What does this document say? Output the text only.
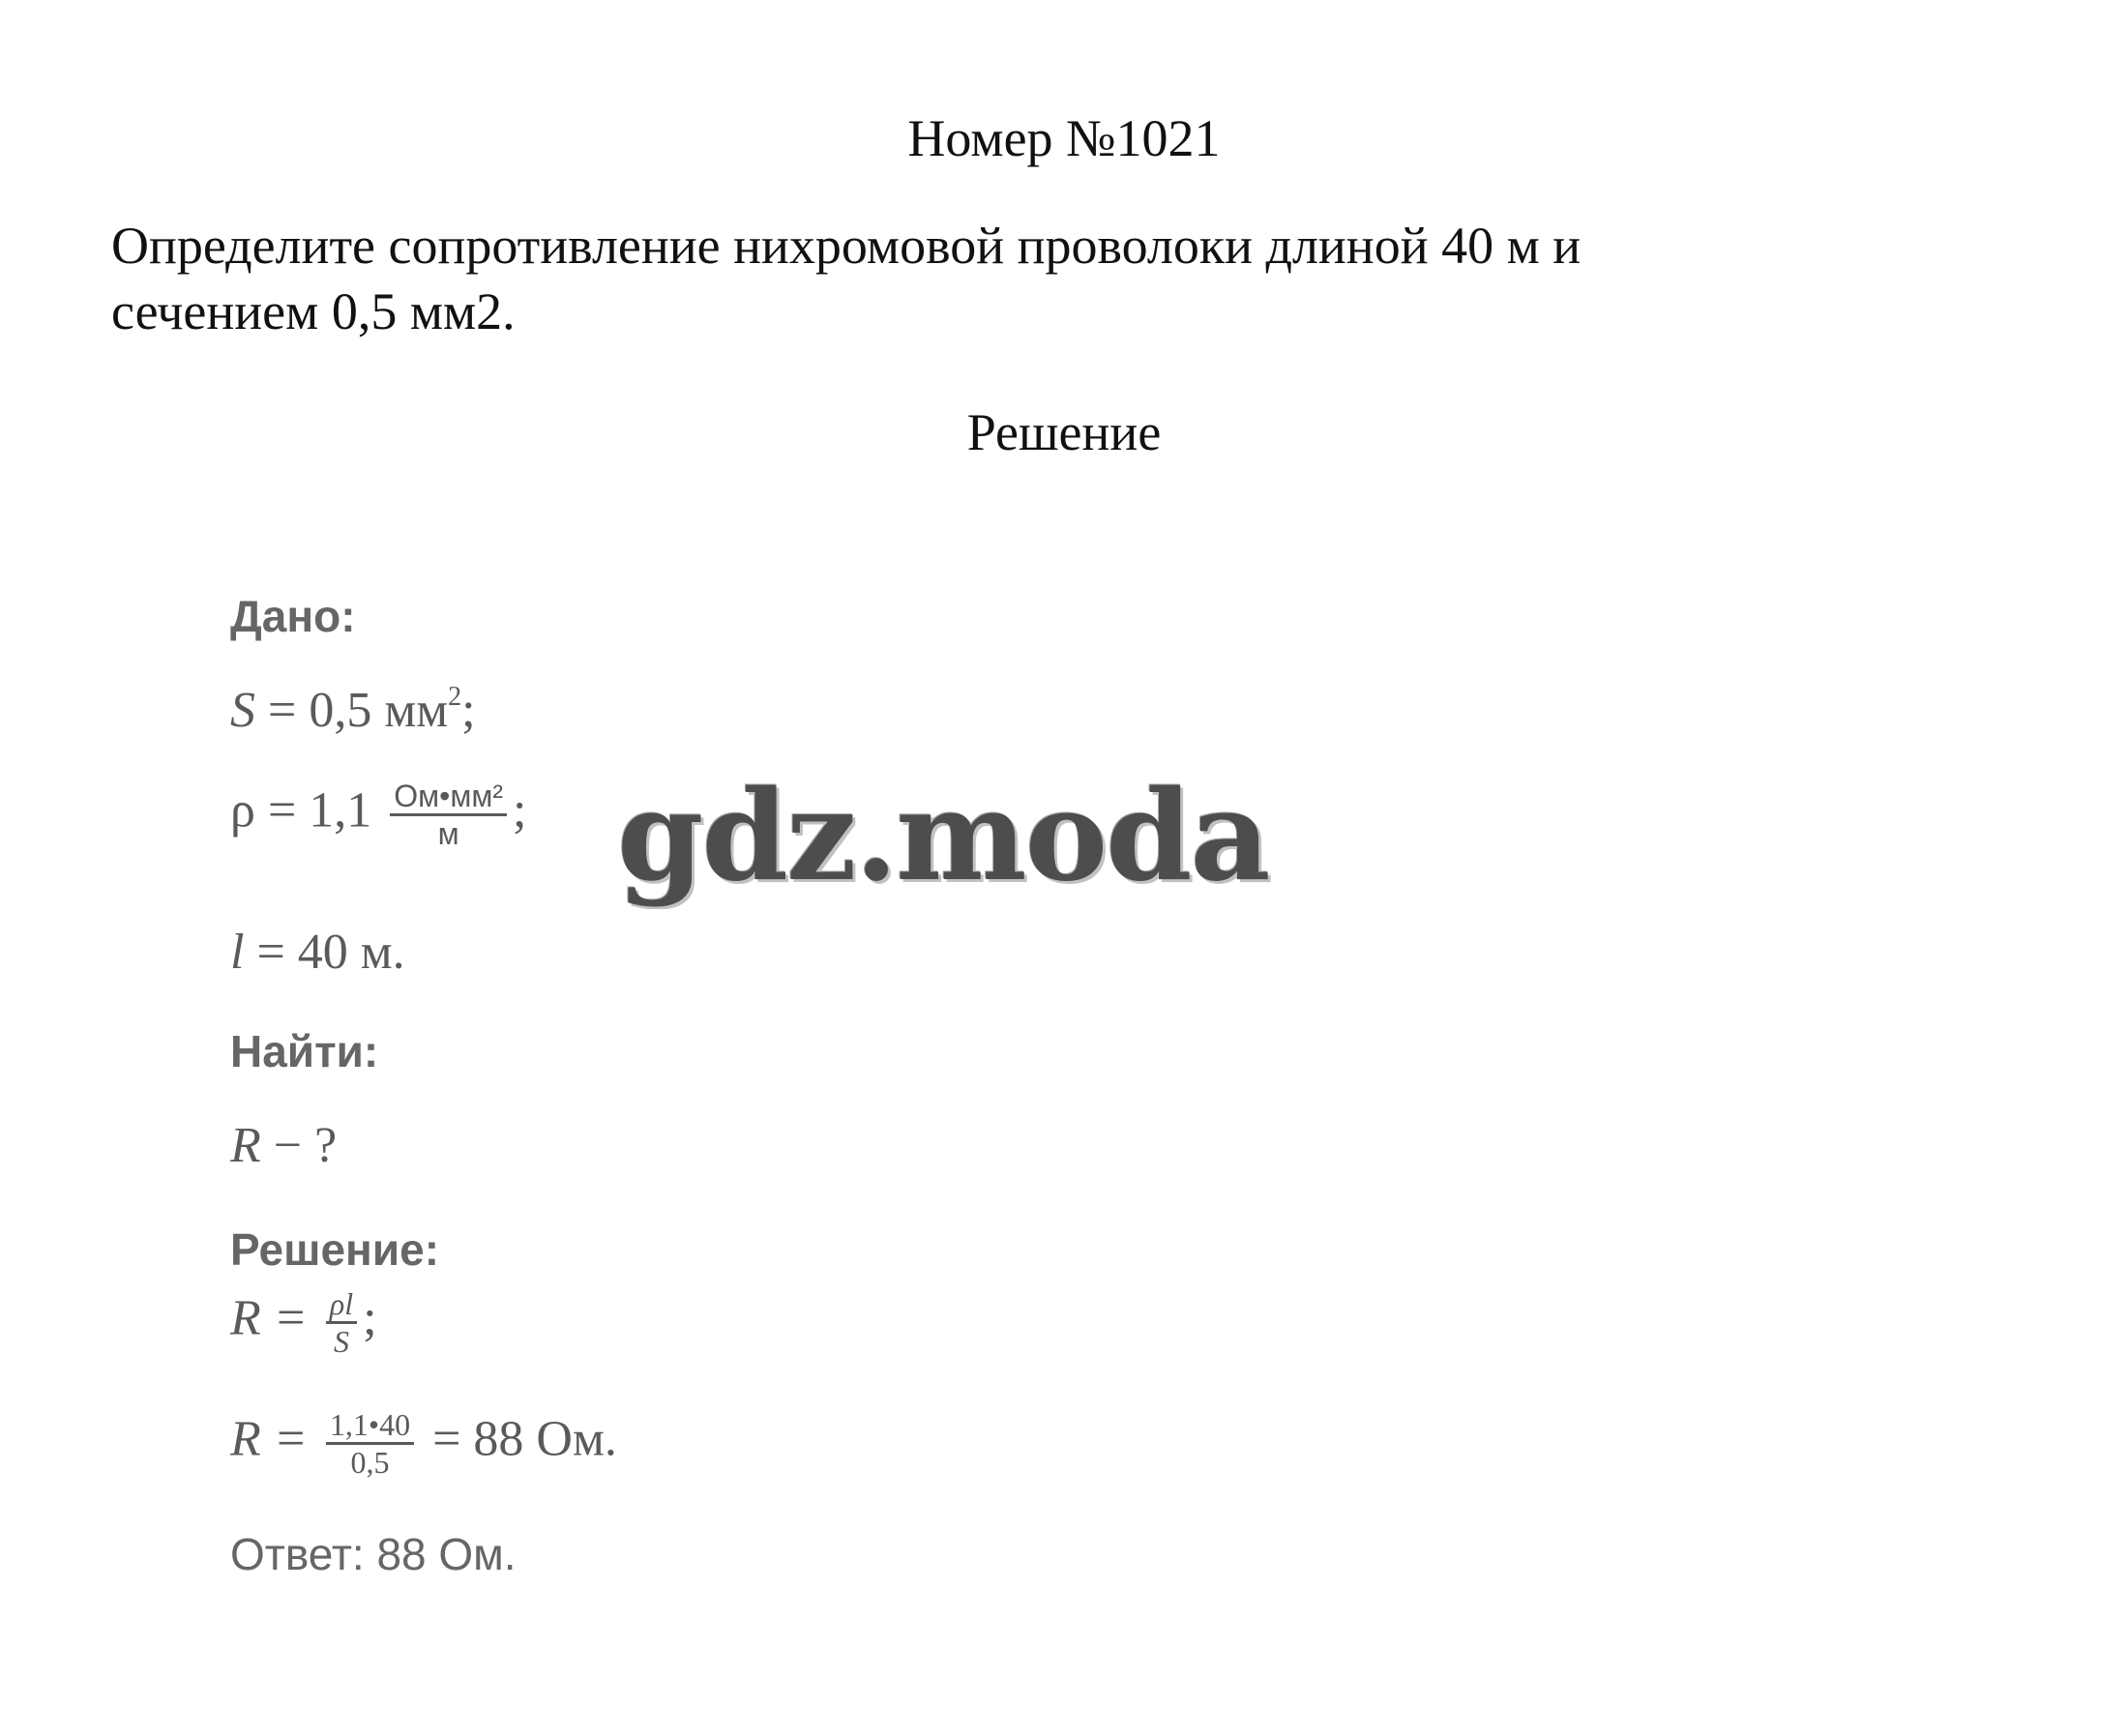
Номер №1021
Определите сопротивление нихромовой проволоки длиной 40 м и
сечением 0,5 мм2.
Решение
Дано:
S = 0,5 $мм^2$;
$\rho = 1,1 \frac{\text{Ом•мм²}}{м}$ ;
l = 40 м.
Найти:
R − ?
Решение:
$R = \frac{\rho l}{S}$ ;
$R = \frac{1,1•40}{0,5} = 88$ Ом.
Ответ: 88 Ом.
gdz.moda
